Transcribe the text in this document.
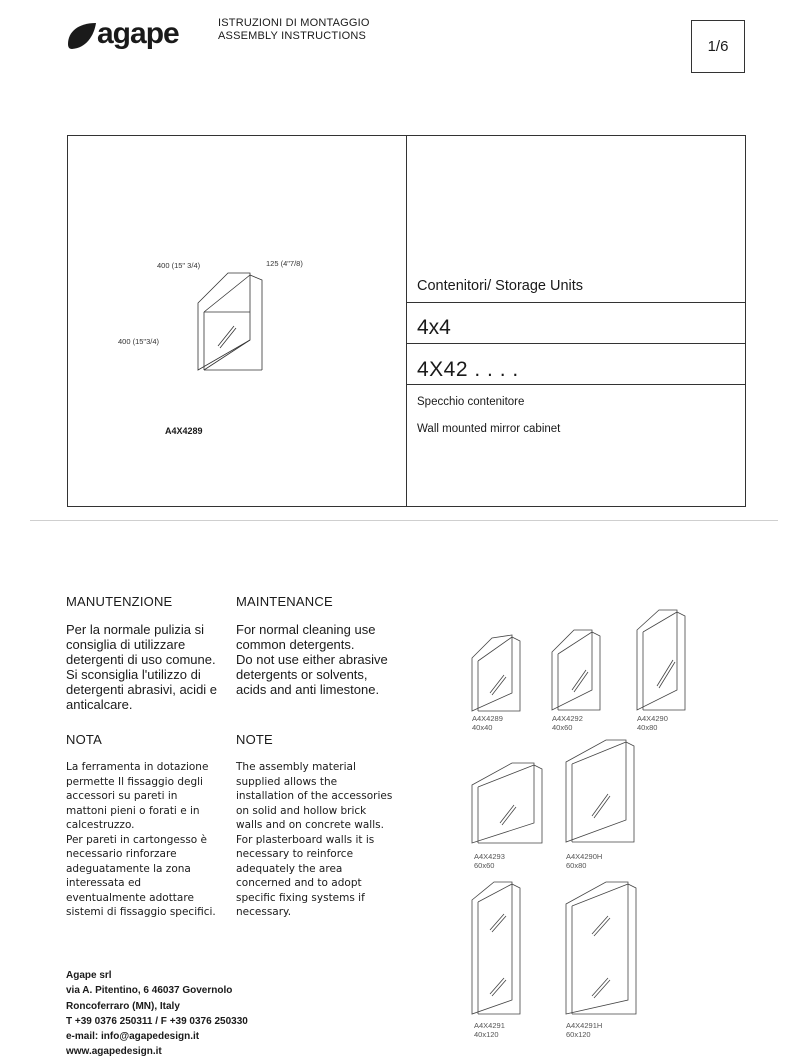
agape	ISTRUZIONI DI MONTAGGIO
ASSEMBLY INSTRUCTIONS
1/6
400 (15" 3/4)	125 (4"7/8)
400 (15"3/4)
A4X4289
Contenitori/ Storage Units
4x4
4X42 . . . .
Specchio contenitore
Wall mounted mirror cabinet
MANUTENZIONE	MAINTENANCE
Per la normale pulizia si
consiglia di utilizzare
detergenti di uso comune.
Si sconsiglia l'utilizzo di
detergenti abrasivi, acidi e
anticalcare.
For normal cleaning use
common detergents.
Do not use either abrasive
detergents or solvents,
acids and anti limestone.
NOTA	NOTE
La ferramenta in dotazione
permette Il fissaggio degli
accessori su pareti in
mattoni pieni o forati e in
calcestruzzo.
Per pareti in cartongesso è
necessario rinforzare
adeguatamente la zona
interessata ed
eventualmente adottare
sistemi di fissaggio specifici.
The assembly material
supplied allows the
installation of the accessories
on solid and hollow brick
walls and on concrete walls.
For plasterboard walls it is
necessary to reinforce
adequately the area
concerned and to adopt
specific fixing systems if
necessary.
Agape srl
via A. Pitentino, 6 46037 Governolo
Roncoferraro (MN), Italy
T +39 0376 250311 / F +39 0376 250330
e-mail: info@agapedesign.it
www.agapedesign.it
A4X4289
40x40
A4X4292
40x60
A4X4290
40x80
A4X4293
60x60
A4X4290H
60x80
A4X4291
40x120
A4X4291H
60x120
